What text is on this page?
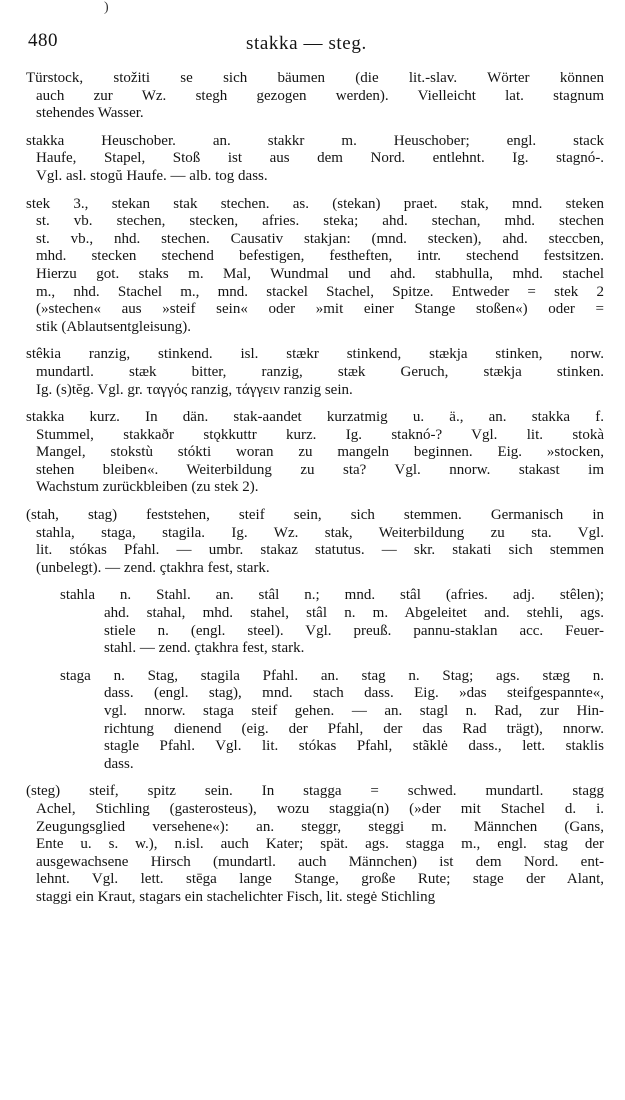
)
480	stakka — steg.
Türstock, stožiti se sich bäumen (die lit.-slav. Wörter können
auch zur Wz. stegh gezogen werden). Vielleicht lat. stagnum
stehendes Wasser.
stakka Heuschober. an. stakkr m. Heuschober; engl. stack
Haufe, Stapel, Stoß ist aus dem Nord. entlehnt. Ig. stagnó-.
Vgl. asl. stogŭ Haufe. — alb. tog dass.
stek 3., stekan stak stechen. as. (stekan) praet. stak, mnd. steken
st. vb. stechen, stecken, afries. steka; ahd. stechan, mhd. stechen
st. vb., nhd. stechen. Causativ stakjan: (mnd. stecken), ahd. steccben,
mhd. stecken stechend befestigen, festheften, intr. stechend festsitzen.
Hierzu got. staks m. Mal, Wundmal und ahd. stabhulla, mhd. stachel
m., nhd. Stachel m., mnd. stackel Stachel, Spitze. Entweder = stek 2
(»stechen« aus »steif sein« oder »mit einer Stange stoßen«) oder =
stik (Ablautsentgleisung).
stêkia ranzig, stinkend. isl. stækr stinkend, stækja stinken, norw.
mundartl. stæk bitter, ranzig, stæk Geruch, stækja stinken.
Ig. (s)tĕg. Vgl. gr. ταγγός ranzig, τάγγειν ranzig sein.
stakka kurz. In dän. stak-aandet kurzatmig u. ä., an. stakka f.
Stummel, stakkaðr stǫkkuttr kurz. Ig. staknó-? Vgl. lit. stokà
Mangel, stokstù stókti woran zu mangeln beginnen. Eig. »stocken,
stehen bleiben«. Weiterbildung zu sta? Vgl. nnorw. stakast im
Wachstum zurückbleiben (zu stek 2).
(stah, stag) feststehen, steif sein, sich stemmen. Germanisch in
stahla, staga, stagila. Ig. Wz. stak, Weiterbildung zu sta. Vgl.
lit. stókas Pfahl. — umbr. stakaz statutus. — skr. stakati sich stemmen
(unbelegt). — zend. çtakhra fest, stark.
stahla n. Stahl. an. stâl n.; mnd. stâl (afries. adj. stêlen);
ahd. stahal, mhd. stahel, stâl n. m. Abgeleitet and. stehli, ags.
stiele n. (engl. steel). Vgl. preuß. pannu-staklan acc. Feuer-
stahl. — zend. çtakhra fest, stark.
staga n. Stag, stagila Pfahl. an. stag n. Stag; ags. stæg n.
dass. (engl. stag), mnd. stach dass. Eig. »das steifgespannte«,
vgl. nnorw. staga steif gehen. — an. stagl n. Rad, zur Hin-
richtung dienend (eig. der Pfahl, der das Rad trägt), nnorw.
stagle Pfahl. Vgl. lit. stókas Pfahl, stãklė dass., lett. staklis
dass.
(steg) steif, spitz sein. In stagga = schwed. mundartl. stagg
Achel, Stichling (gasterosteus), wozu staggia(n) (»der mit Stachel d. i.
Zeugungsglied versehene«): an. steggr, steggi m. Männchen (Gans,
Ente u. s. w.), n.isl. auch Kater; spät. ags. stagga m., engl. stag der
ausgewachsene Hirsch (mundartl. auch Männchen) ist dem Nord. ent-
lehnt. Vgl. lett. stēga lange Stange, große Rute; stage der Alant,
staggi ein Kraut, stagars ein stachelichter Fisch, lit. stegė Stichling
